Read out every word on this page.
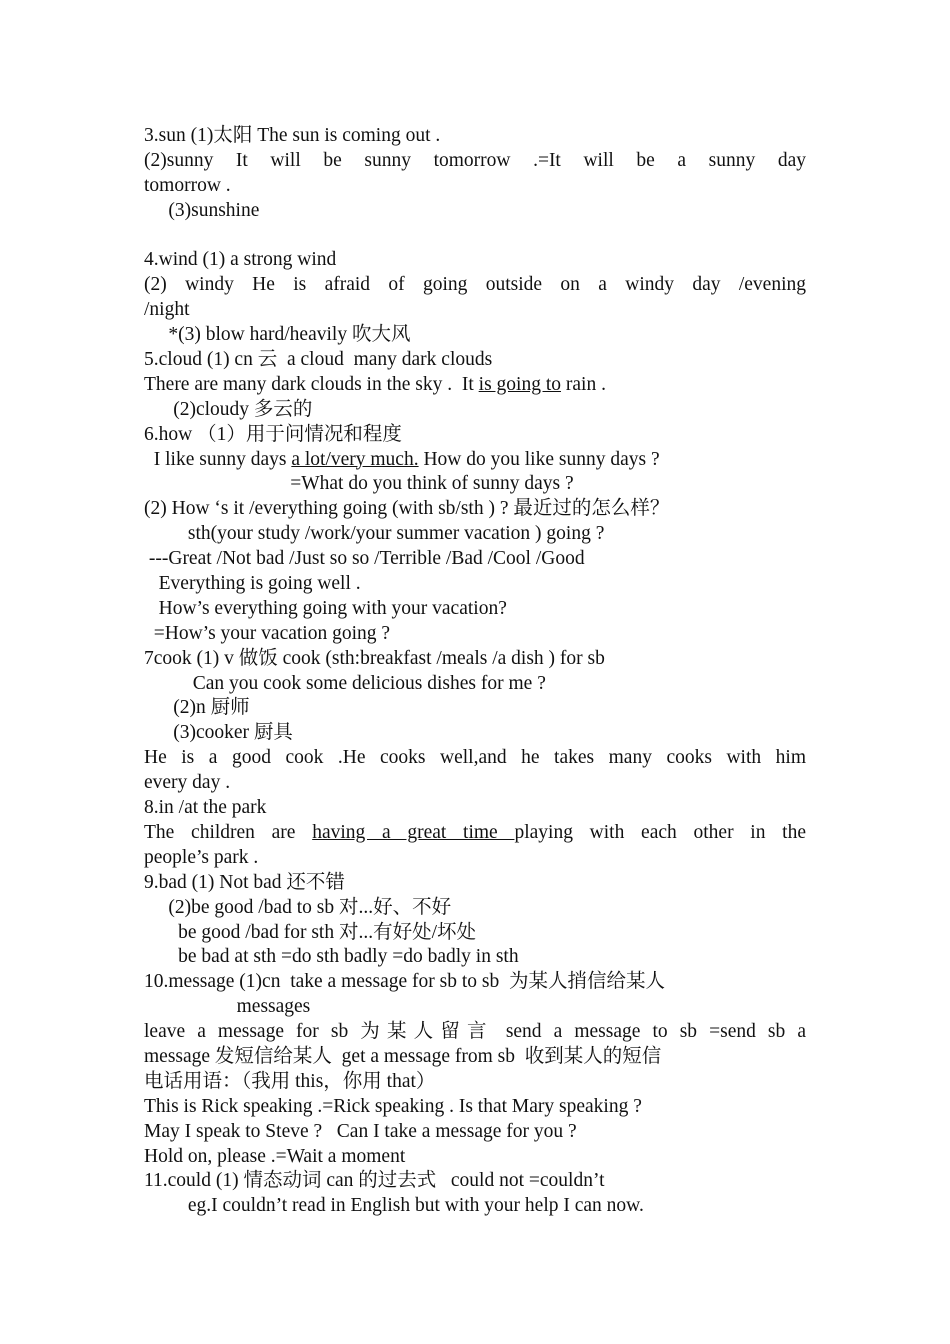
3.sun (1)太阳 The sun is coming out .
(2)sunny It will be sunny tomorrow .=It will be a sunny day
tomorrow .
(3)sunshine
4.wind (1) a strong wind
(2) windy He is afraid of going outside on a windy day /evening
/night
*(3) blow hard/heavily 吹大风
5.cloud (1) cn 云  a cloud  many dark clouds
There are many dark clouds in the sky .  It is going to rain .
(2)cloudy 多云的
6.how （1）用于问情况和程度
I like sunny days a lot/very much. How do you like sunny days ?
=What do you think of sunny days ?
(2) How ‘s it /everything going (with sb/sth ) ? 最近过的怎么样？
sth(your study /work/your summer vacation ) going ?
---Great /Not bad /Just so so /Terrible /Bad /Cool /Good
Everything is going well .
How’s everything going with your vacation?
=How’s your vacation going ?
7cook (1) v 做饭 cook (sth:breakfast /meals /a dish ) for sb
Can you cook some delicious dishes for me ?
(2)n 厨师
(3)cooker 厨具
He is a good cook .He cooks well,and he takes many cooks with him
every day .
8.in /at the park
The children are having a great time playing with each other in the
people’s park .
9.bad (1) Not bad 还不错
(2)be good /bad to sb 对...好、不好
be good /bad for sth 对...有好处/坏处
be bad at sth =do sth badly =do badly in sth
10.message (1)cn  take a message for sb to sb  为某人捎信给某人
messages
leave a message for sb 为某人留言 send a message to sb =send sb a
message 发短信给某人  get a message from sb  收到某人的短信
电话用语：（我用 this，你用 that）
This is Rick speaking .=Rick speaking . Is that Mary speaking ?
May I speak to Steve ?   Can I take a message for you ?
Hold on, please .=Wait a moment
11.could (1) 情态动词 can 的过去式   could not =couldn’t
eg.I couldn’t read in English but with your help I can now.
